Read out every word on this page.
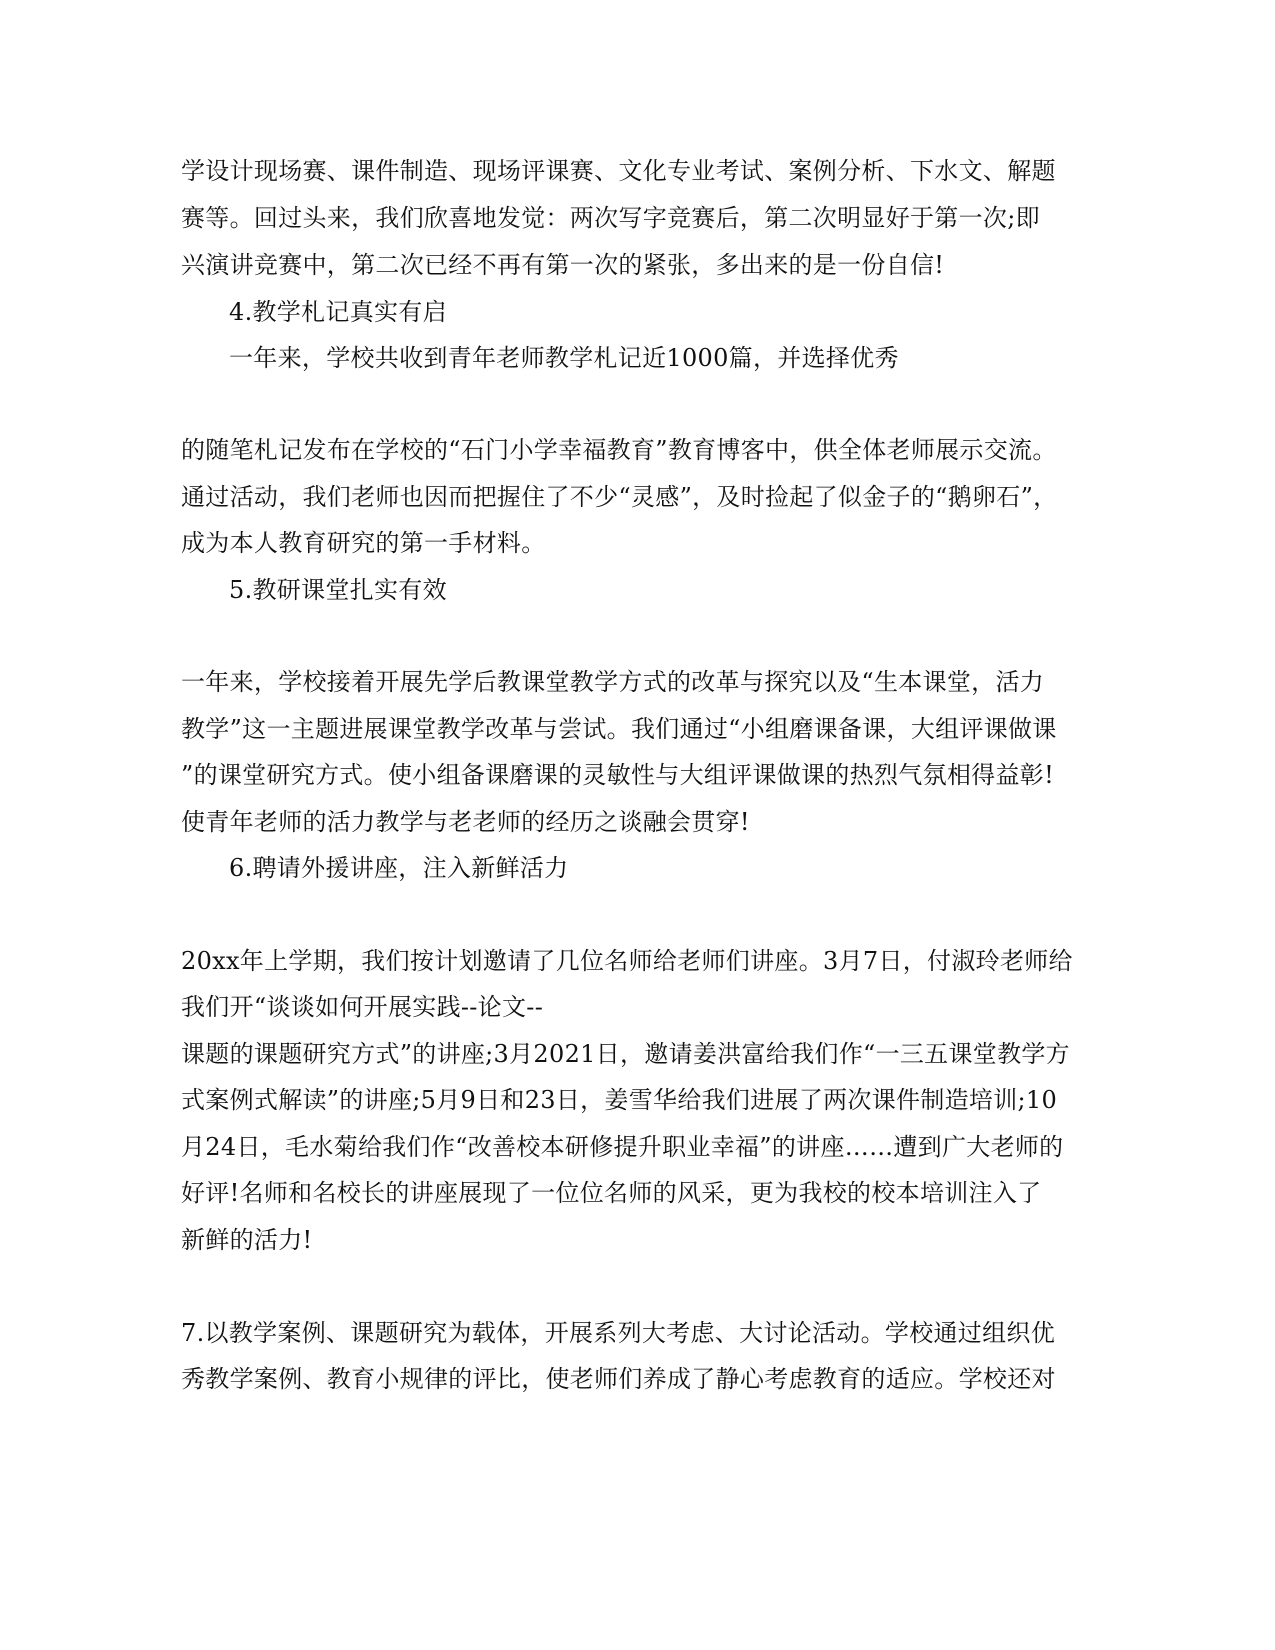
学设计现场赛、课件制造、现场评课赛、文化专业考试、案例分析、下水文、解题
赛等。回过头来，我们欣喜地发觉：两次写字竞赛后，第二次明显好于第一次;即
兴演讲竞赛中，第二次已经不再有第一次的紧张，多出来的是一份自信!
4.教学札记真实有启
一年来，学校共收到青年老师教学札记近1000篇，并选择优秀
的随笔札记发布在学校的“石门小学幸福教育”教育博客中，供全体老师展示交流。
通过活动，我们老师也因而把握住了不少“灵感”，及时捡起了似金子的“鹅卵石”，
成为本人教育研究的第一手材料。
5.教研课堂扎实有效
一年来，学校接着开展先学后教课堂教学方式的改革与探究以及“生本课堂，活力
教学”这一主题进展课堂教学改革与尝试。我们通过“小组磨课备课，大组评课做课
”的课堂研究方式。使小组备课磨课的灵敏性与大组评课做课的热烈气氛相得益彰!
使青年老师的活力教学与老老师的经历之谈融会贯穿!
6.聘请外援讲座，注入新鲜活力
20xx年上学期，我们按计划邀请了几位名师给老师们讲座。3月7日，付淑玲老师给
我们开“谈谈如何开展实践--论文--
课题的课题研究方式”的讲座;3月2021日，邀请姜洪富给我们作“一三五课堂教学方
式案例式解读”的讲座;5月9日和23日，姜雪华给我们进展了两次课件制造培训;10
月24日，毛水菊给我们作“改善校本研修提升职业幸福”的讲座……遭到广大老师的
好评!名师和名校长的讲座展现了一位位名师的风采，更为我校的校本培训注入了
新鲜的活力!
7.以教学案例、课题研究为载体，开展系列大考虑、大讨论活动。学校通过组织优
秀教学案例、教育小规律的评比，使老师们养成了静心考虑教育的适应。学校还对
